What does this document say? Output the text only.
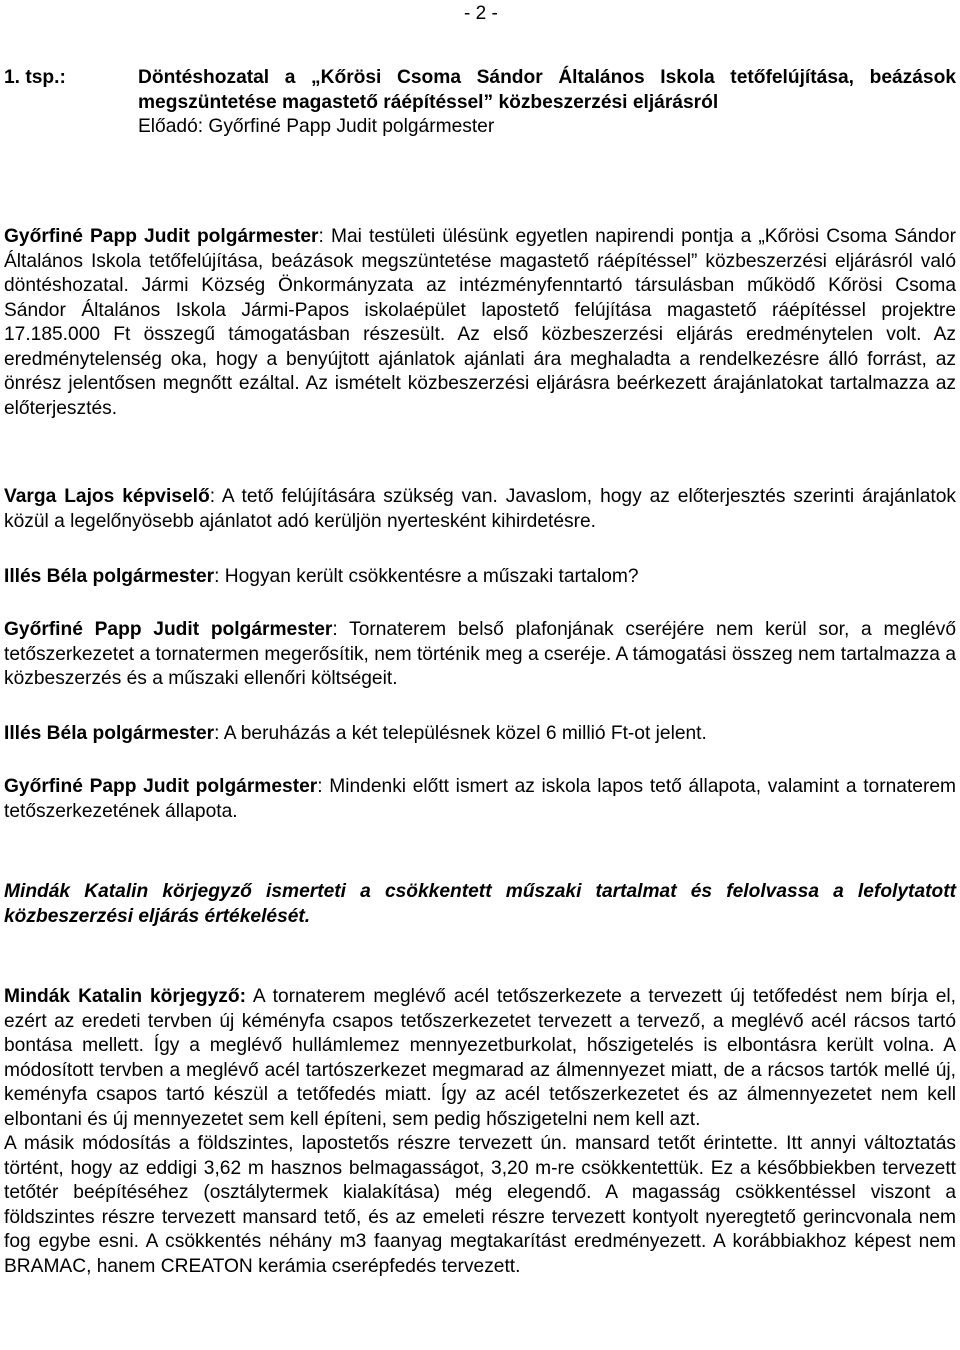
- 2 -
1. tsp.:	Döntéshozatal a „Kőrösi Csoma Sándor Általános Iskola tetőfelújítása, beázások megszüntetése magastető ráépítéssel” közbeszerzési eljárásról
Előadó: Győrfiné Papp Judit polgármester
Győrfiné Papp Judit polgármester: Mai testületi ülésünk egyetlen napirendi pontja a „Kőrösi Csoma Sándor Általános Iskola tetőfelújítása, beázások megszüntetése magastető ráépítéssel” közbeszerzési eljárásról való döntéshozatal. Jármi Község Önkormányzata az intézményfenntartó társulásban működő Kőrösi Csoma Sándor Általános Iskola Jármi-Papos iskolaépület lapostető felújítása magastető ráépítéssel projektre 17.185.000 Ft összegű támogatásban részesült. Az első közbeszerzési eljárás eredménytelen volt. Az eredménytelenség oka, hogy a benyújtott ajánlatok ajánlati ára meghaladta a rendelkezésre álló forrást, az önrész jelentősen megnőtt ezáltal. Az ismételt közbeszerzési eljárásra beérkezett árajánlatokat tartalmazza az előterjesztés.
Varga Lajos képviselő: A tető felújítására szükség van. Javaslom, hogy az előterjesztés szerinti árajánlatok közül a legelőnyösebb ajánlatot adó kerüljön nyertesként kihirdetésre.
Illés Béla polgármester: Hogyan került csökkentésre a műszaki tartalom?
Győrfiné Papp Judit polgármester: Tornaterem belső plafonjának cseréjére nem kerül sor, a meglévő tetőszerkezetet a tornatermen megerősítik, nem történik meg a cseréje. A támogatási összeg nem tartalmazza a közbeszerzés és a műszaki ellenőri költségeit.
Illés Béla polgármester: A beruházás a két településnek közel 6 millió Ft-ot jelent.
Győrfiné Papp Judit polgármester: Mindenki előtt ismert az iskola lapos tető állapota, valamint a tornaterem tetőszerkezetének állapota.
Mindák Katalin körjegyző ismerteti a csökkentett műszaki tartalmat és felolvassa a lefolytatott közbeszerzési eljárás értékelését.
Mindák Katalin körjegyző: A tornaterem meglévő acél tetőszerkezete a tervezett új tetőfedést nem bírja el, ezért az eredeti tervben új kéményfa csapos tetőszerkezetet tervezett a tervező, a meglévő acél rácsos tartó bontása mellett. Így a meglévő hullámlemez mennyezetburkolat, hőszigetelés is elbontásra került volna. A módosított tervben a meglévő acél tartószerkezet megmarad az álmennyezet miatt, de a rácsos tartók mellé új, keményfa csapos tartó készül a tetőfedés miatt. Így az acél tetőszerkezetet és az álmennyezetet nem kell elbontani és új mennyezetet sem kell építeni, sem pedig hőszigetelni nem kell azt.
A másik módosítás a földszintes, lapostetős részre tervezett ún. mansard tetőt érintette. Itt annyi változtatás történt, hogy az eddigi 3,62 m hasznos belmagasságot, 3,20 m-re csökkentettük. Ez a későbbiekben tervezett tetőtér beépítéséhez (osztálytermek kialakítása) még elegendő. A magasság csökkentéssel viszont a földszintes részre tervezett mansard tető, és az emeleti részre tervezett kontyolt nyeregtető gerincvonala nem fog egybe esni. A csökkentés néhány m3 faanyag megtakarítást eredményezett. A korábbiakhoz képest nem BRAMAC, hanem CREATON kerámia cserépfedés tervezett.
